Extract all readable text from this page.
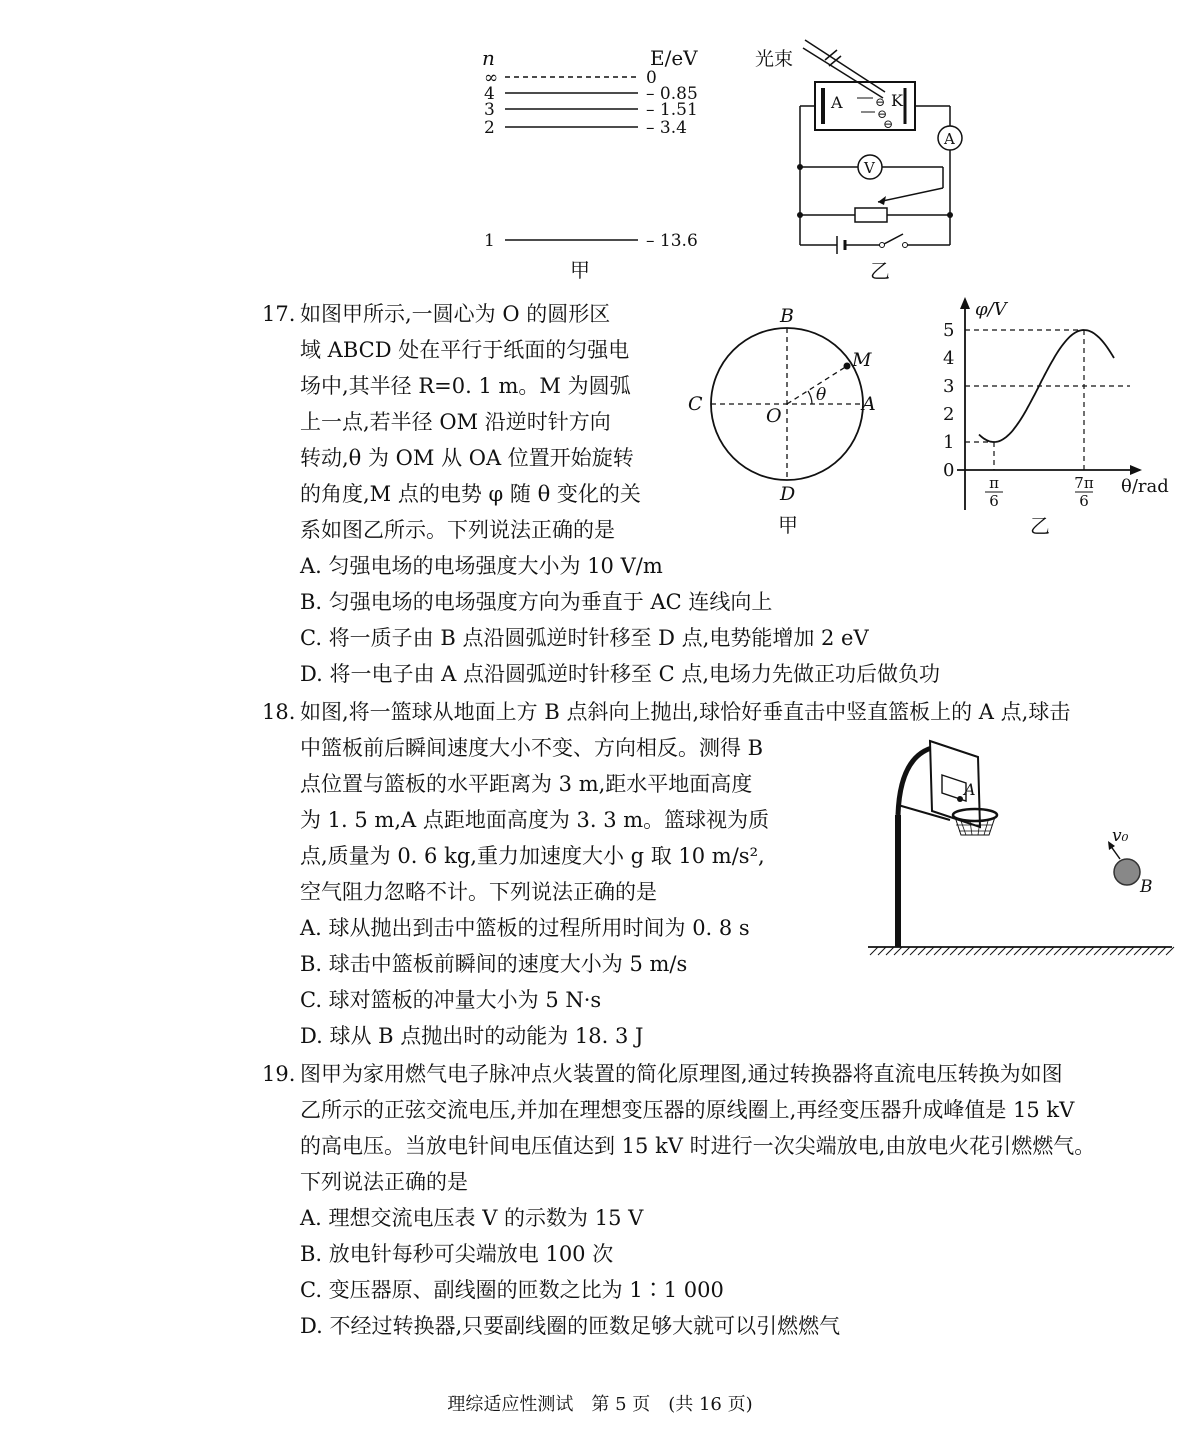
n	E/eV
∞	0
4	– 0.85
3	– 1.51
2	– 3.4
1	– 13.6
甲
光束
A	K
⊖
⊖
⊖
A
V
乙
17. 如图甲所示,一圆心为 O 的圆形区
域 ABCD 处在平行于纸面的匀强电
场中,其半径 R=0. 1 m。M 为圆弧
上一点,若半径 OM 沿逆时针方向
转动,θ 为 OM 从 OA 位置开始旋转
的角度,M 点的电势 φ 随 θ 变化的关
系如图乙所示。下列说法正确的是
B
M
C
O
A
θ
D
甲
φ/V
θ/rad
0
1
2
3
4
5
π
6
7π
6
乙
A. 匀强电场的电场强度大小为 10 V/m
B. 匀强电场的电场强度方向为垂直于 AC 连线向上
C. 将一质子由 B 点沿圆弧逆时针移至 D 点,电势能增加 2 eV
D. 将一电子由 A 点沿圆弧逆时针移至 C 点,电场力先做正功后做负功
18. 如图,将一篮球从地面上方 B 点斜向上抛出,球恰好垂直击中竖直篮板上的 A 点,球击
中篮板前后瞬间速度大小不变、方向相反。测得 B
点位置与篮板的水平距离为 3 m,距水平地面高度
为 1. 5 m,A 点距地面高度为 3. 3 m。篮球视为质
点,质量为 0. 6 kg,重力加速度大小 g 取 10 m/s²,
空气阻力忽略不计。下列说法正确的是
A. 球从抛出到击中篮板的过程所用时间为 0. 8 s
B. 球击中篮板前瞬间的速度大小为 5 m/s
C. 球对篮板的冲量大小为 5 N·s
D. 球从 B 点抛出时的动能为 18. 3 J
A
v₀
B
19. 图甲为家用燃气电子脉冲点火装置的简化原理图,通过转换器将直流电压转换为如图
乙所示的正弦交流电压,并加在理想变压器的原线圈上,再经变压器升成峰值是 15 kV
的高电压。当放电针间电压值达到 15 kV 时进行一次尖端放电,由放电火花引燃燃气。
下列说法正确的是
A. 理想交流电压表 V 的示数为 15 V
B. 放电针每秒可尖端放电 100 次
C. 变压器原、副线圈的匝数之比为 1∶1 000
D. 不经过转换器,只要副线圈的匝数足够大就可以引燃燃气
理综适应性测试　第 5 页　(共 16 页)
